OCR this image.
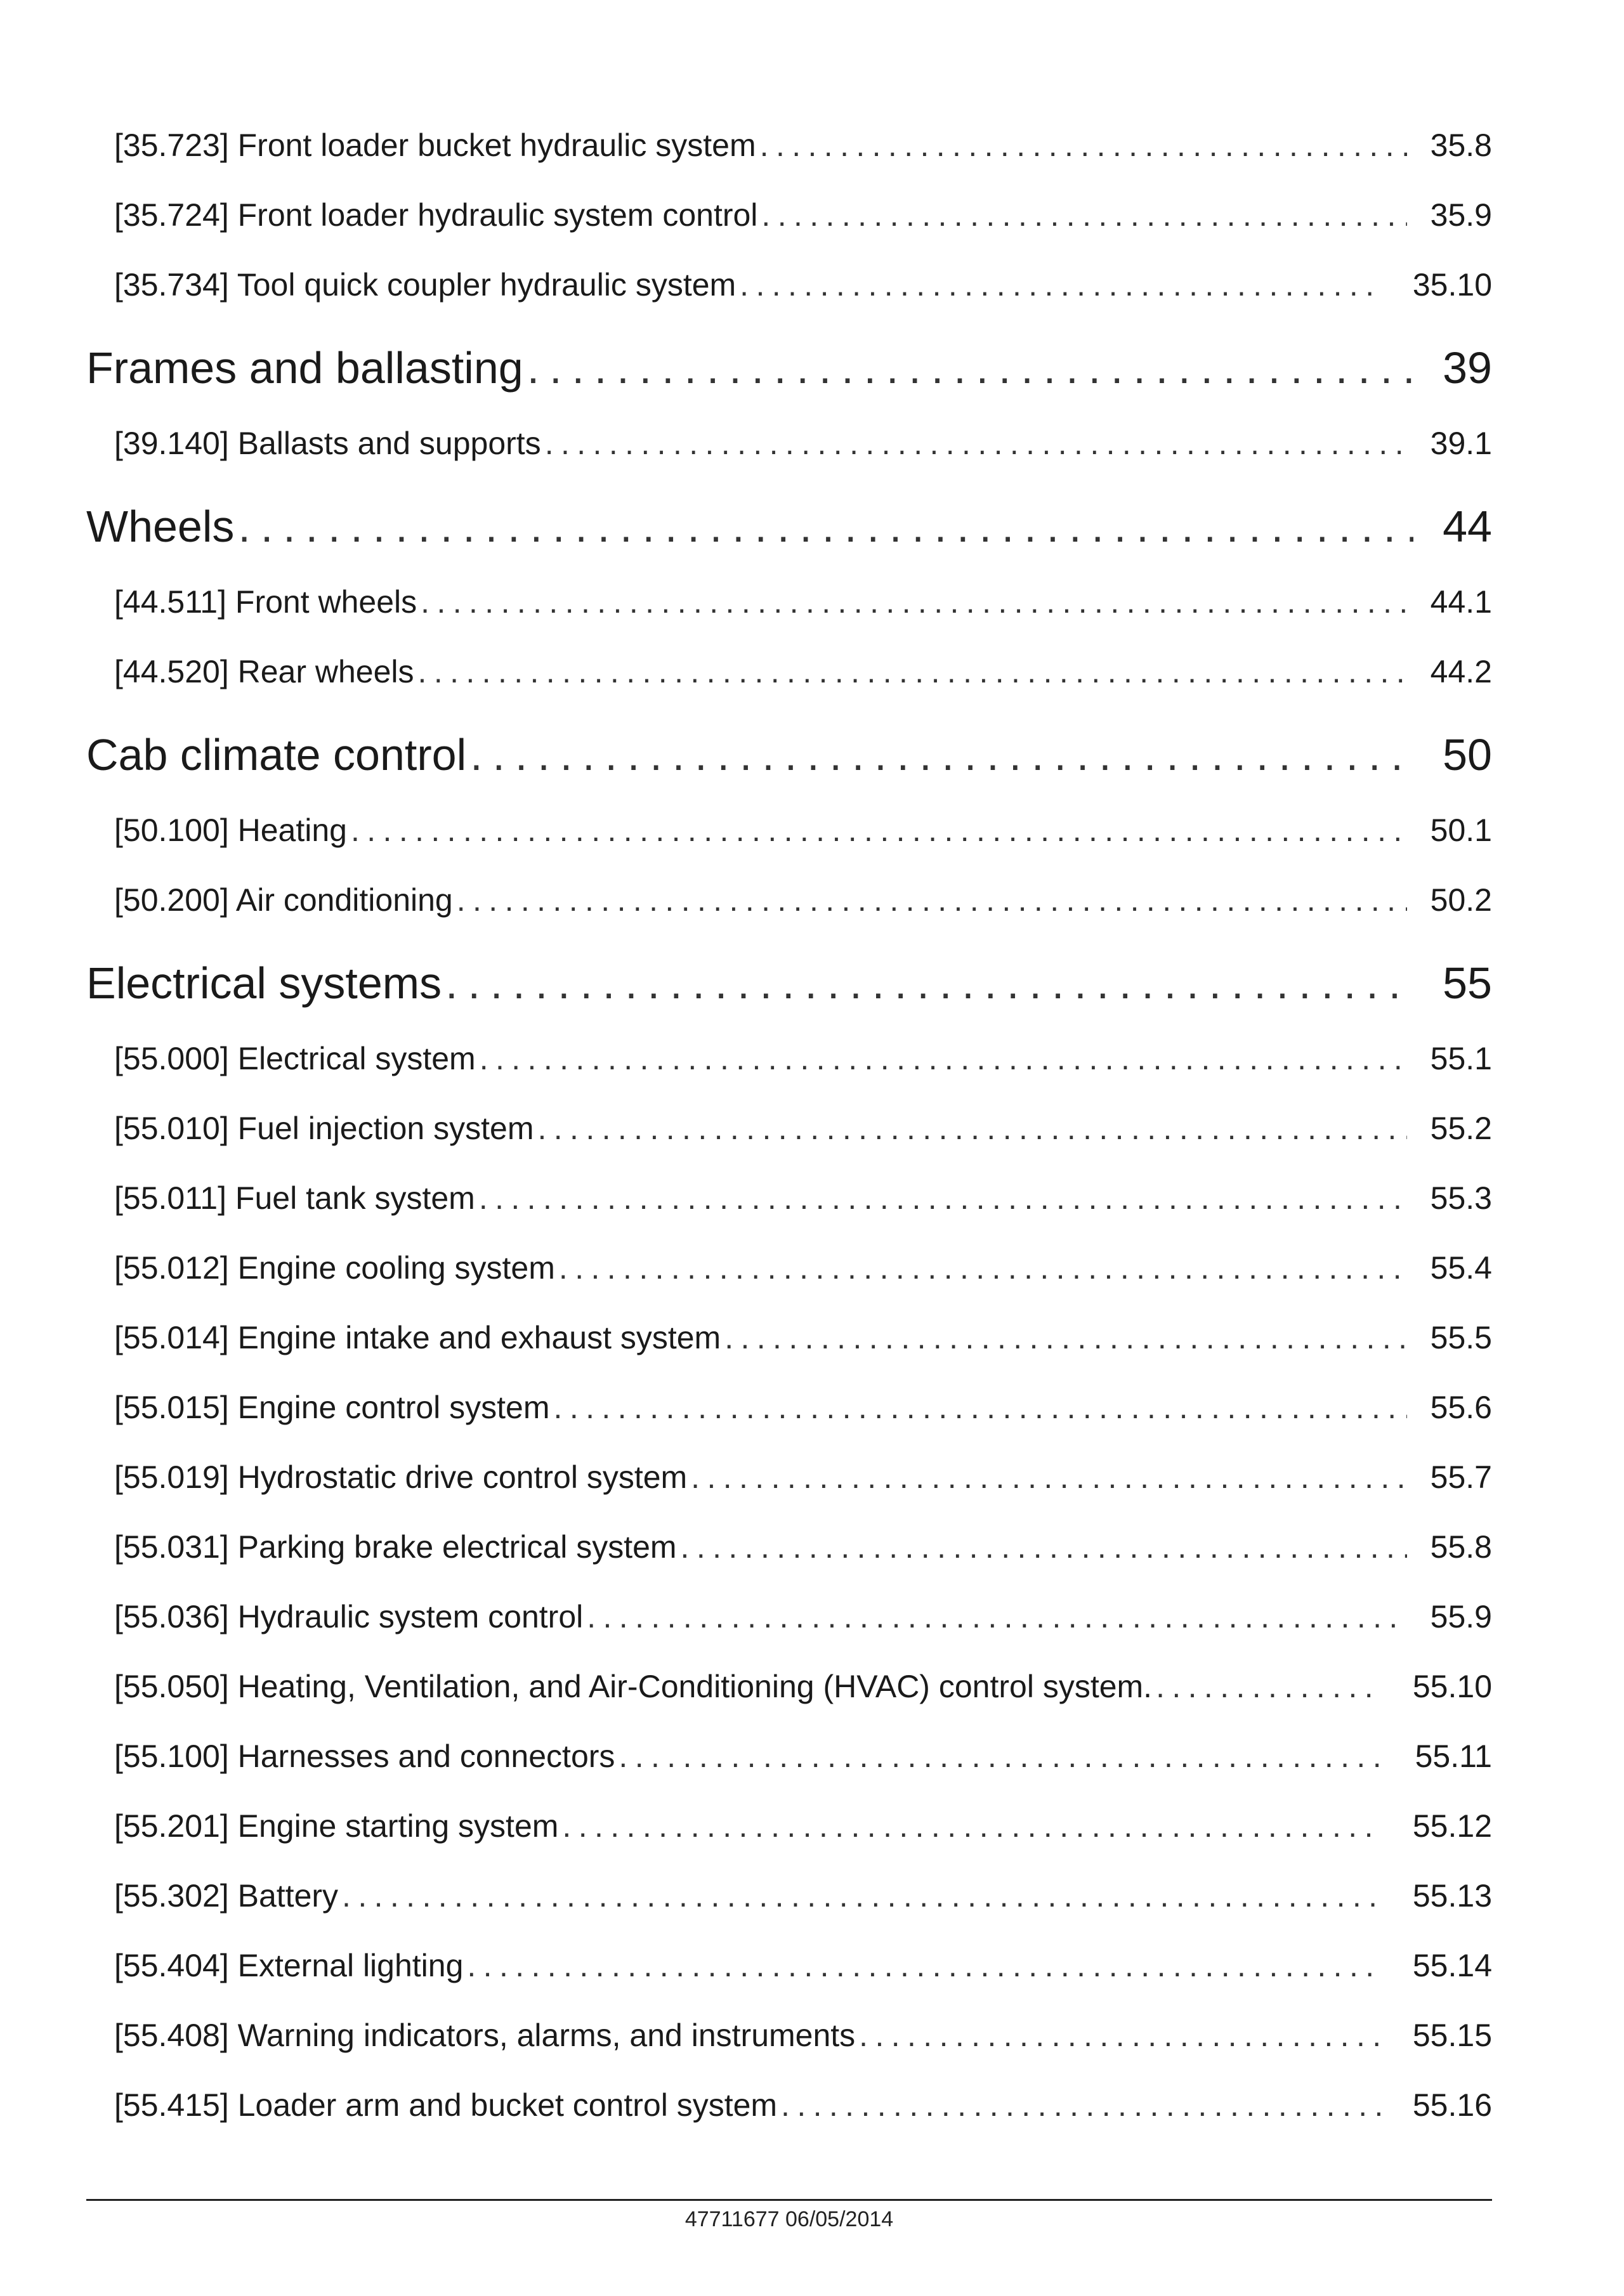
[35.723] Front loader bucket hydraulic system . . .	35.8
[35.724] Front loader hydraulic system control . . .	35.9
[35.734] Tool quick coupler hydraulic system . . .	35.10
Frames and ballasting . . .	39
[39.140] Ballasts and supports . . .	39.1
Wheels . . .	44
[44.511] Front wheels . . .	44.1
[44.520] Rear wheels . . .	44.2
Cab climate control . . .	50
[50.100] Heating . . .	50.1
[50.200] Air conditioning . . .	50.2
Electrical systems . . .	55
[55.000] Electrical system . . .	55.1
[55.010] Fuel injection system . . .	55.2
[55.011] Fuel tank system . . .	55.3
[55.012] Engine cooling system . . .	55.4
[55.014] Engine intake and exhaust system . . .	55.5
[55.015] Engine control system . . .	55.6
[55.019] Hydrostatic drive control system . . .	55.7
[55.031] Parking brake electrical system . . .	55.8
[55.036] Hydraulic system control . . .	55.9
[55.050] Heating, Ventilation, and Air-Conditioning (HVAC) control system. . . .	55.10
[55.100] Harnesses and connectors . . .	55.11
[55.201] Engine starting system . . .	55.12
[55.302] Battery . . .	55.13
[55.404] External lighting . . .	55.14
[55.408] Warning indicators, alarms, and instruments . . .	55.15
[55.415] Loader arm and bucket control system . . .	55.16
47711677 06/05/2014
